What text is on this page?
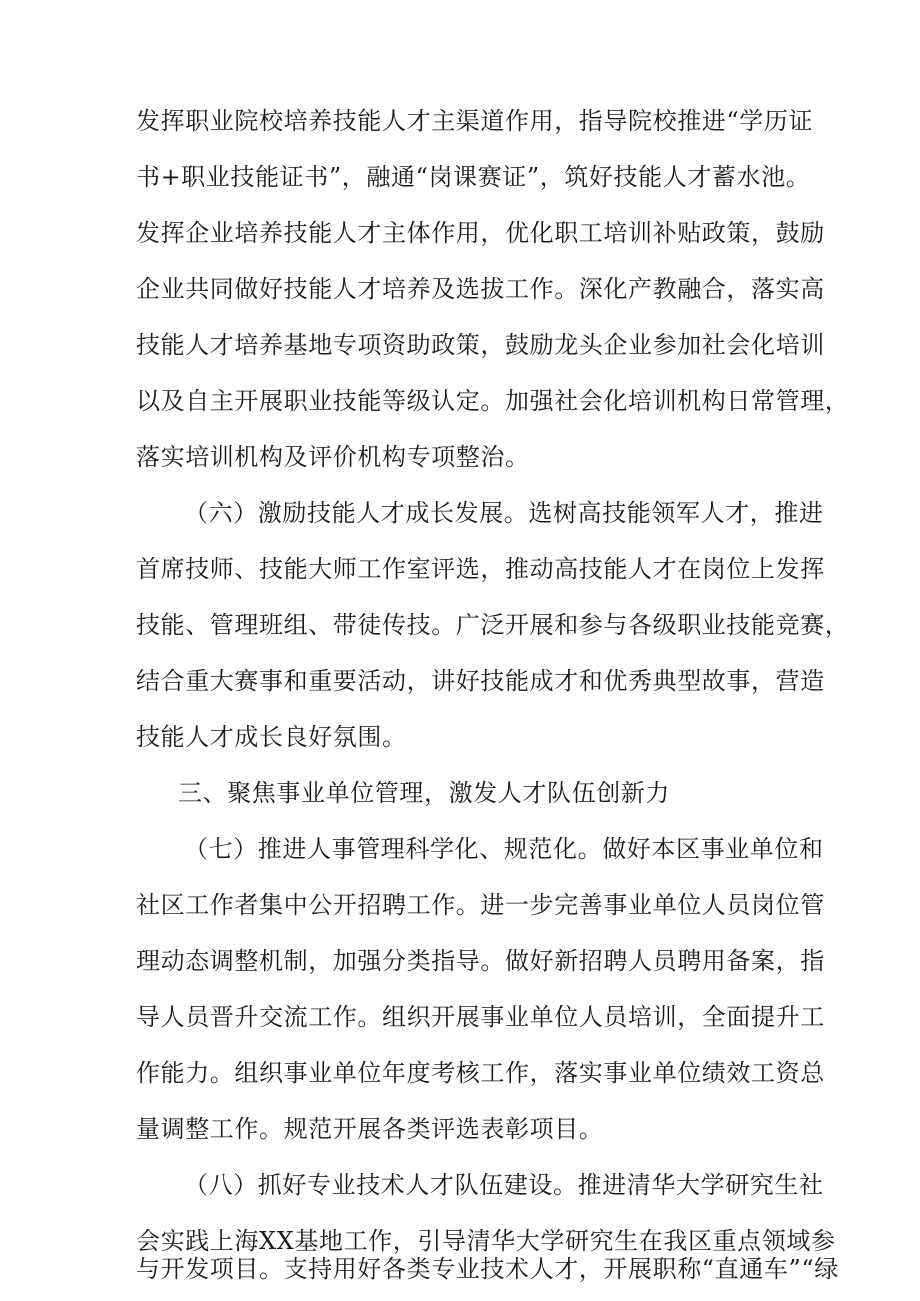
发挥职业院校培养技能人才主渠道作用，指导院校推进“学历证
书+职业技能证书”，融通“岗课赛证”，筑好技能人才蓄水池。
发挥企业培养技能人才主体作用，优化职工培训补贴政策，鼓励
企业共同做好技能人才培养及选拔工作。深化产教融合，落实高
技能人才培养基地专项资助政策，鼓励龙头企业参加社会化培训
以及自主开展职业技能等级认定。加强社会化培训机构日常管理，
落实培训机构及评价机构专项整治。
（六）激励技能人才成长发展。选树高技能领军人才，推进
首席技师、技能大师工作室评选，推动高技能人才在岗位上发挥
技能、管理班组、带徒传技。广泛开展和参与各级职业技能竞赛，
结合重大赛事和重要活动，讲好技能成才和优秀典型故事，营造
技能人才成长良好氛围。
三、聚焦事业单位管理，激发人才队伍创新力
（七）推进人事管理科学化、规范化。做好本区事业单位和
社区工作者集中公开招聘工作。进一步完善事业单位人员岗位管
理动态调整机制，加强分类指导。做好新招聘人员聘用备案，指
导人员晋升交流工作。组织开展事业单位人员培训，全面提升工
作能力。组织事业单位年度考核工作，落实事业单位绩效工资总
量调整工作。规范开展各类评选表彰项目。
（八）抓好专业技术人才队伍建设。推进清华大学研究生社
会实践上海XX基地工作，引导清华大学研究生在我区重点领域参
与开发项目。支持用好各类专业技术人才，开展职称“直通车”“绿
